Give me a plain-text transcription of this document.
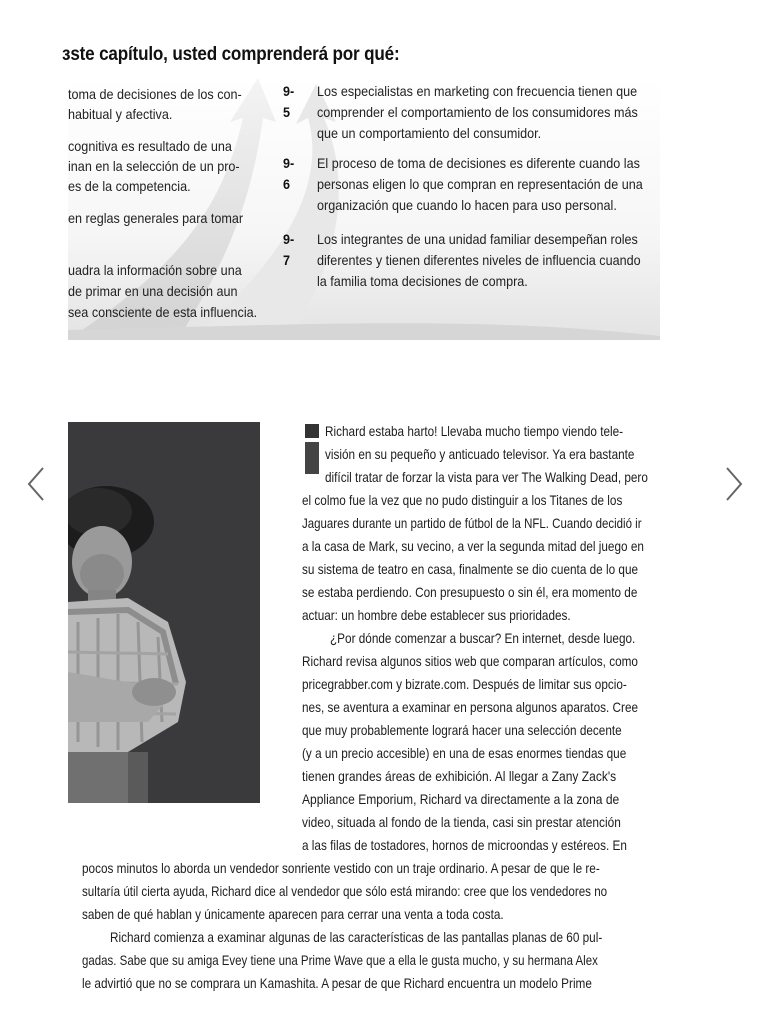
ɜste capítulo, usted comprenderá por qué:
toma de decisiones de los con-
habitual y afectiva.
cognitiva es resultado de una
inan en la selección de un pro-
es de la competencia.
en reglas generales para tomar
uadra la información sobre una
de primar en una decisión aun
sea consciente de esta influencia.
9-5
Los especialistas en marketing con frecuencia tienen que
comprender el comportamiento de los consumidores más
que un comportamiento del consumidor.
9-6
El proceso de toma de decisiones es diferente cuando las
personas eligen lo que compran en representación de una
organización que cuando lo hacen para uso personal.
9-7
Los integrantes de una unidad familiar desempeñan roles
diferentes y tienen diferentes niveles de influencia cuando
la familia toma decisiones de compra.
Richard estaba harto! Llevaba mucho tiempo viendo tele-
visión en su pequeño y anticuado televisor. Ya era bastante
difícil tratar de forzar la vista para ver The Walking Dead, pero
el colmo fue la vez que no pudo distinguir a los Titanes de los
Jaguares durante un partido de fútbol de la NFL. Cuando decidió ir
a la casa de Mark, su vecino, a ver la segunda mitad del juego en
su sistema de teatro en casa, finalmente se dio cuenta de lo que
se estaba perdiendo. Con presupuesto o sin él, era momento de
actuar: un hombre debe establecer sus prioridades.
¿Por dónde comenzar a buscar? En internet, desde luego.
Richard revisa algunos sitios web que comparan artículos, como
pricegrabber.com y bizrate.com. Después de limitar sus opcio-
nes, se aventura a examinar en persona algunos aparatos. Cree
que muy probablemente logrará hacer una selección decente
(y a un precio accesible) en una de esas enormes tiendas que
tienen grandes áreas de exhibición. Al llegar a Zany Zack's
Appliance Emporium, Richard va directamente a la zona de
video, situada al fondo de la tienda, casi sin prestar atención
a las filas de tostadores, hornos de microondas y estéreos. En
pocos minutos lo aborda un vendedor sonriente vestido con un traje ordinario. A pesar de que le re-
sultaría útil cierta ayuda, Richard dice al vendedor que sólo está mirando: cree que los vendedores no
saben de qué hablan y únicamente aparecen para cerrar una venta a toda costa.
Richard comienza a examinar algunas de las características de las pantallas planas de 60 pul-
gadas. Sabe que su amiga Evey tiene una Prime Wave que a ella le gusta mucho, y su hermana Alex
le advirtió que no se comprara un Kamashita. A pesar de que Richard encuentra un modelo Prime
